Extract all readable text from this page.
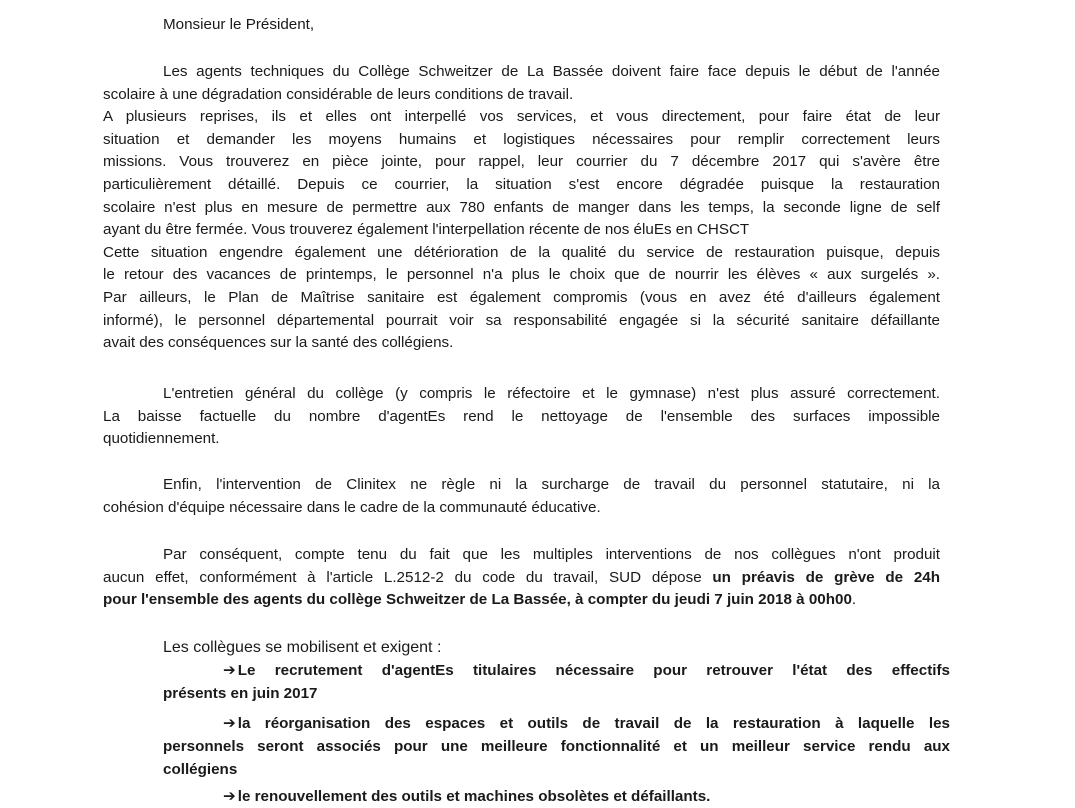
Monsieur le Président,
Les agents techniques du Collège Schweitzer de La Bassée doivent faire face depuis le début de l'année
scolaire à une dégradation considérable de leurs conditions de travail.
A plusieurs reprises, ils et elles ont interpellé vos services, et vous directement, pour faire état de leur
situation et demander les moyens humains et logistiques nécessaires pour remplir correctement leurs
missions. Vous trouverez en pièce jointe, pour rappel, leur courrier du 7 décembre 2017 qui s'avère être
particulièrement détaillé. Depuis ce courrier, la situation s'est encore dégradée puisque la restauration
scolaire n'est plus en mesure de permettre aux 780 enfants de manger dans les temps, la seconde ligne de self
ayant du être fermée. Vous trouverez également l'interpellation récente de nos éluEs en CHSCT
Cette situation engendre également une détérioration de la qualité du service de restauration puisque, depuis
le retour des vacances de printemps, le personnel n'a plus le choix que de nourrir les élèves « aux surgelés ».
Par ailleurs, le Plan de Maîtrise sanitaire est également compromis (vous en avez été d'ailleurs également
informé), le personnel départemental pourrait voir sa responsabilité engagée si la sécurité sanitaire défaillante
avait des conséquences sur la santé des collégiens.
L'entretien général du collège (y compris le réfectoire et le gymnase) n'est plus assuré correctement.
La baisse factuelle du nombre d'agentEs rend le nettoyage de l'ensemble des surfaces impossible
quotidiennement.
Enfin, l'intervention de Clinitex ne règle ni la surcharge de travail du personnel statutaire, ni la
cohésion d'équipe nécessaire dans le cadre de la communauté éducative.
Par conséquent, compte tenu du fait que les multiples interventions de nos collègues n'ont produit
aucun effet, conformément à l'article L.2512-2 du code du travail, SUD dépose un préavis de grève de 24h
pour l'ensemble des agents du collège Schweitzer de La Bassée, à compter du jeudi 7 juin 2018 à 00h00.
Les collègues se mobilisent et exigent :
➔ Le recrutement d'agentEs titulaires nécessaire pour retrouver l'état des effectifs
présents en juin 2017
➔ la réorganisation des espaces et outils de travail de la restauration à laquelle les
personnels seront associés pour une meilleure fonctionnalité et un meilleur service rendu aux
collégiens
➔ le renouvellement des outils et machines obsolètes et défaillants.
